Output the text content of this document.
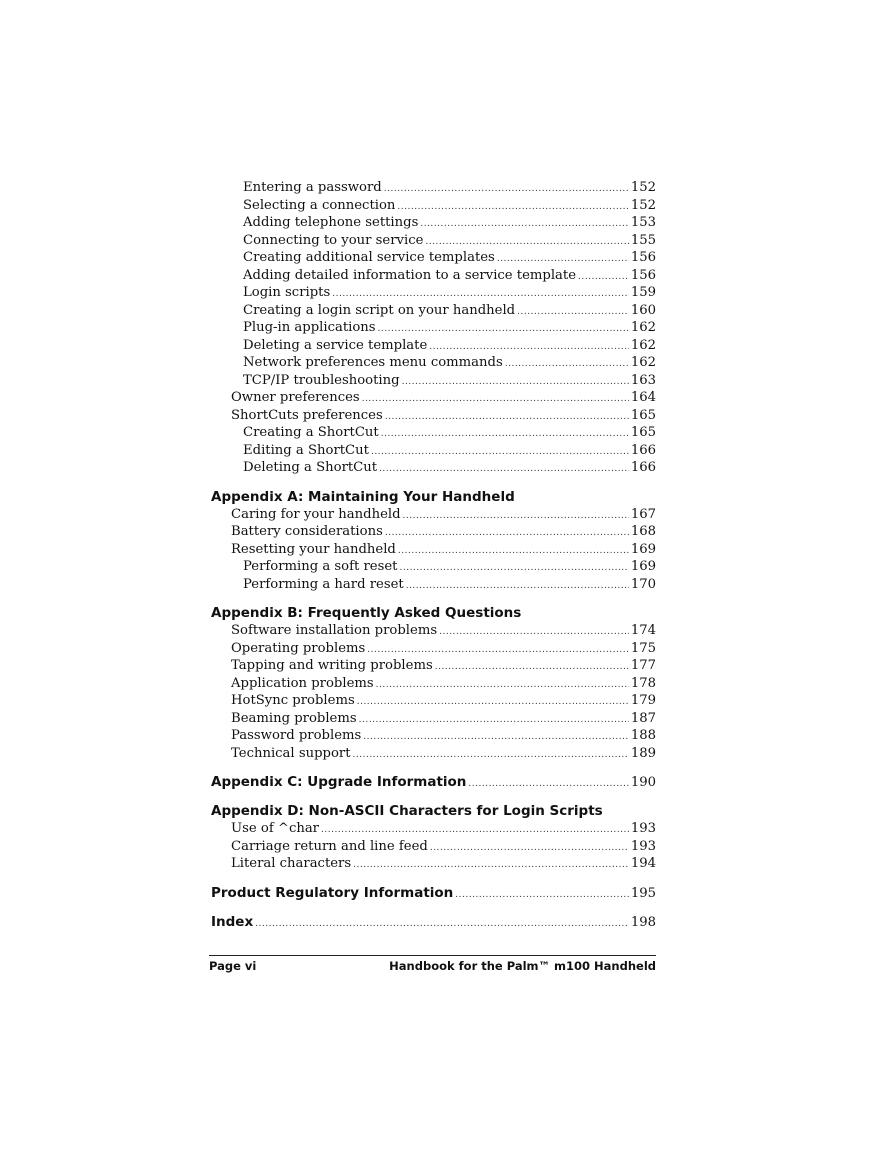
Entering a password .....	152
Selecting a connection .....	152
Adding telephone settings .....	153
Connecting to your service .....	155
Creating additional service templates .....	156
Adding detailed information to a service template .....	156
Login scripts .....	159
Creating a login script on your handheld .....	160
Plug-in applications .....	162
Deleting a service template .....	162
Network preferences menu commands .....	162
TCP/IP troubleshooting .....	163
Owner preferences .....	164
ShortCuts preferences .....	165
Creating a ShortCut .....	165
Editing a ShortCut .....	166
Deleting a ShortCut .....	166
Appendix A: Maintaining Your Handheld
Caring for your handheld .....	167
Battery considerations .....	168
Resetting your handheld .....	169
Performing a soft reset .....	169
Performing a hard reset .....	170
Appendix B: Frequently Asked Questions
Software installation problems .....	174
Operating problems .....	175
Tapping and writing problems .....	177
Application problems .....	178
HotSync problems .....	179
Beaming problems .....	187
Password problems .....	188
Technical support .....	189
Appendix C: Upgrade Information .....	190
Appendix D: Non-ASCII Characters for Login Scripts
Use of ^char .....	193
Carriage return and line feed .....	193
Literal characters .....	194
Product Regulatory Information .....	195
Index .....	198
Page vi	Handbook for the Palm™ m100 Handheld
